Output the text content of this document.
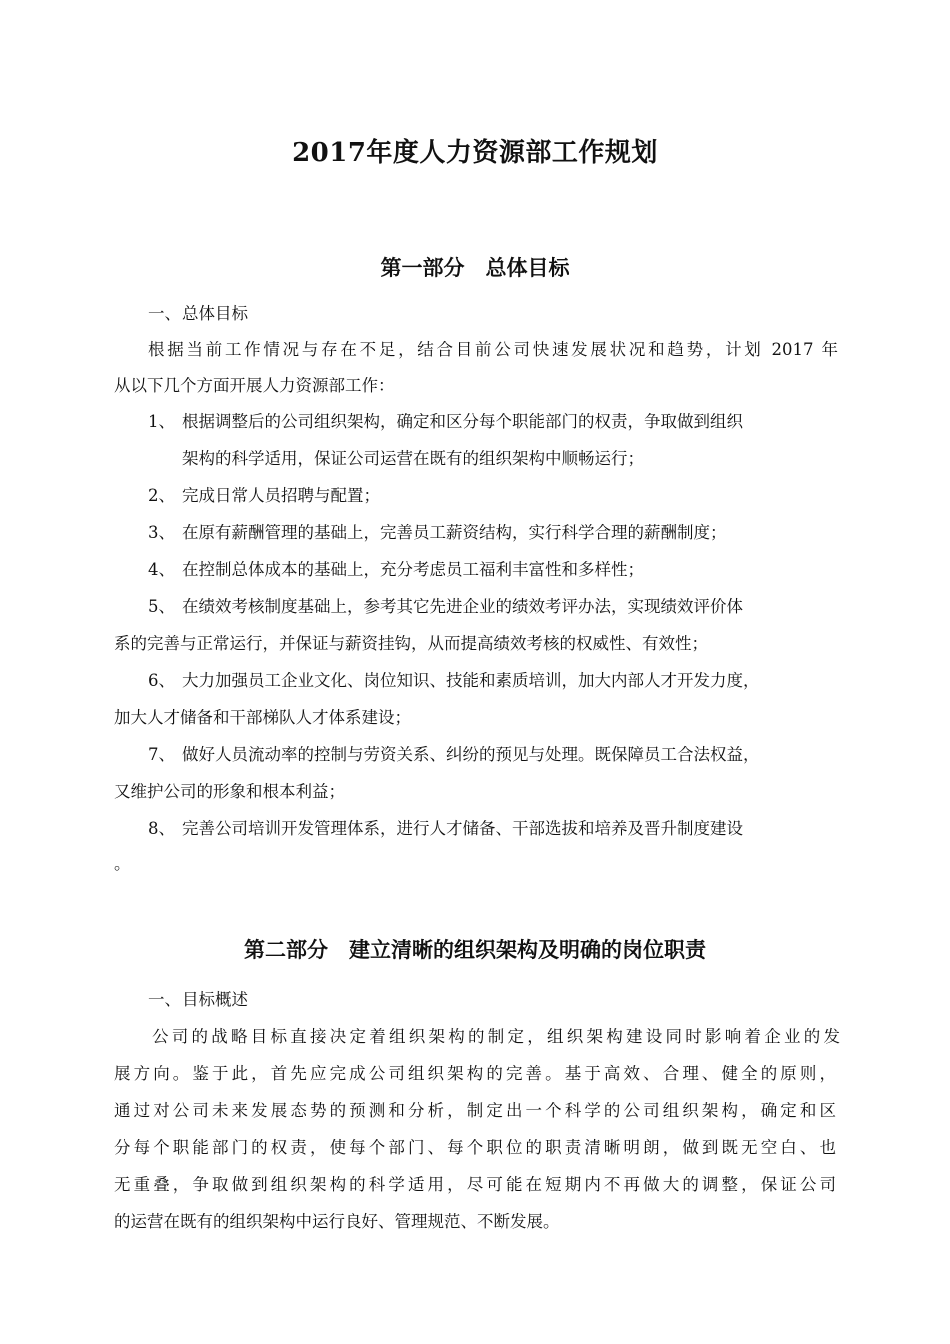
2017年度人力资源部工作规划
第一部分　总体目标
一、总体目标
根据当前工作情况与存在不足，结合目前公司快速发展状况和趋势，计划 2017 年
从以下几个方面开展人力资源部工作：
1、 根据调整后的公司组织架构，确定和区分每个职能部门的权责，争取做到组织
架构的科学适用，保证公司运营在既有的组织架构中顺畅运行；
2、 完成日常人员招聘与配置；
3、 在原有薪酬管理的基础上，完善员工薪资结构，实行科学合理的薪酬制度；
4、 在控制总体成本的基础上，充分考虑员工福利丰富性和多样性；
5、 在绩效考核制度基础上，参考其它先进企业的绩效考评办法，实现绩效评价体
系的完善与正常运行，并保证与薪资挂钩，从而提高绩效考核的权威性、有效性；
6、 大力加强员工企业文化、岗位知识、技能和素质培训，加大内部人才开发力度，
加大人才储备和干部梯队人才体系建设；
7、 做好人员流动率的控制与劳资关系、纠纷的预见与处理。既保障员工合法权益，
又维护公司的形象和根本利益；
8、 完善公司培训开发管理体系，进行人才储备、干部选拔和培养及晋升制度建设
。
第二部分　建立清晰的组织架构及明确的岗位职责
一、目标概述
公司的战略目标直接决定着组织架构的制定，组织架构建设同时影响着企业的发
展方向。鉴于此，首先应完成公司组织架构的完善。基于高效、合理、健全的原则，
通过对公司未来发展态势的预测和分析，制定出一个科学的公司组织架构，确定和区
分每个职能部门的权责，使每个部门、每个职位的职责清晰明朗，做到既无空白、也
无重叠，争取做到组织架构的科学适用，尽可能在短期内不再做大的调整，保证公司
的运营在既有的组织架构中运行良好、管理规范、不断发展。
